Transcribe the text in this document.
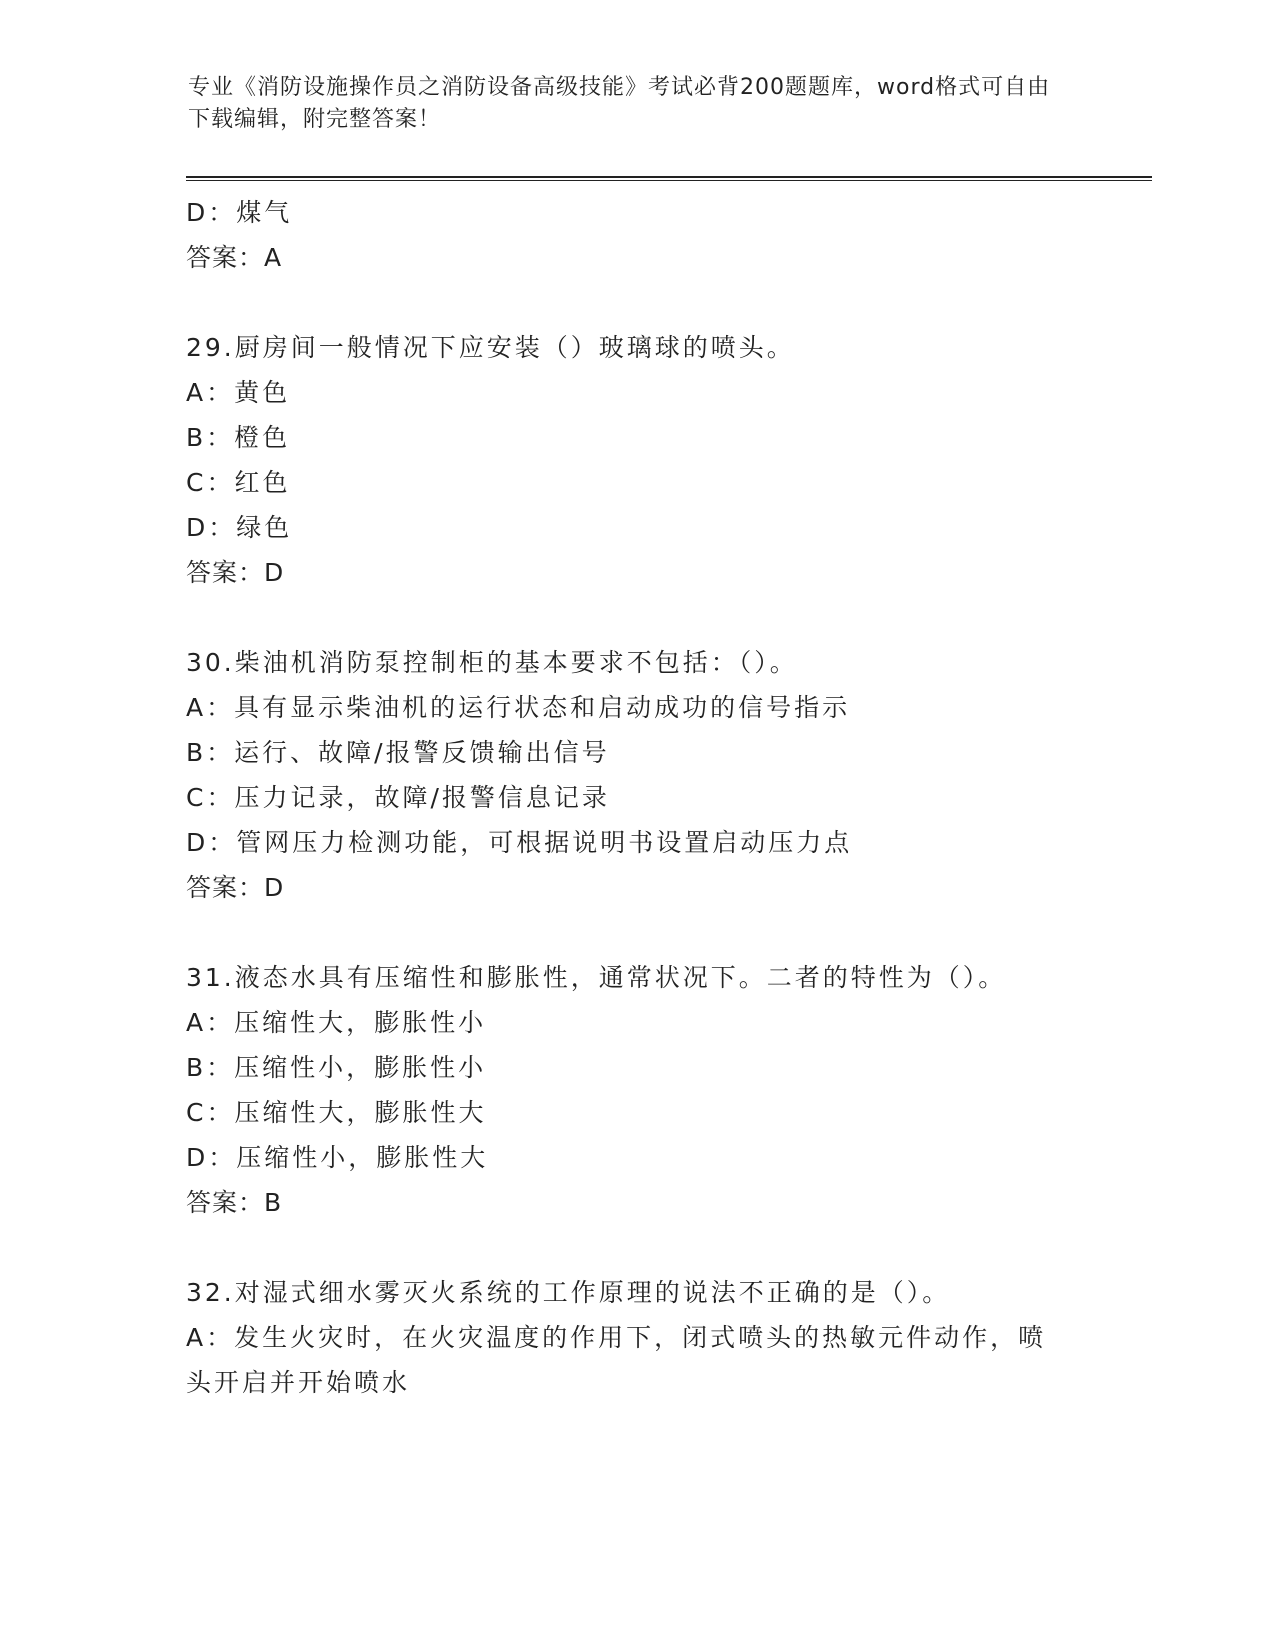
专业《消防设施操作员之消防设备高级技能》考试必背200题题库，word格式可自由下载编辑，附完整答案！
D：煤气
答案：A
29.厨房间一般情况下应安装（）玻璃球的喷头。
A：黄色
B：橙色
C：红色
D：绿色
答案：D
30.柴油机消防泵控制柜的基本要求不包括：（）。
A：具有显示柴油机的运行状态和启动成功的信号指示
B：运行、故障/报警反馈输出信号
C：压力记录，故障/报警信息记录
D：管网压力检测功能，可根据说明书设置启动压力点
答案：D
31.液态水具有压缩性和膨胀性，通常状况下。二者的特性为（）。
A：压缩性大，膨胀性小
B：压缩性小，膨胀性小
C：压缩性大，膨胀性大
D：压缩性小，膨胀性大
答案：B
32.对湿式细水雾灭火系统的工作原理的说法不正确的是（）。
A：发生火灾时，在火灾温度的作用下，闭式喷头的热敏元件动作，喷头开启并开始喷水
